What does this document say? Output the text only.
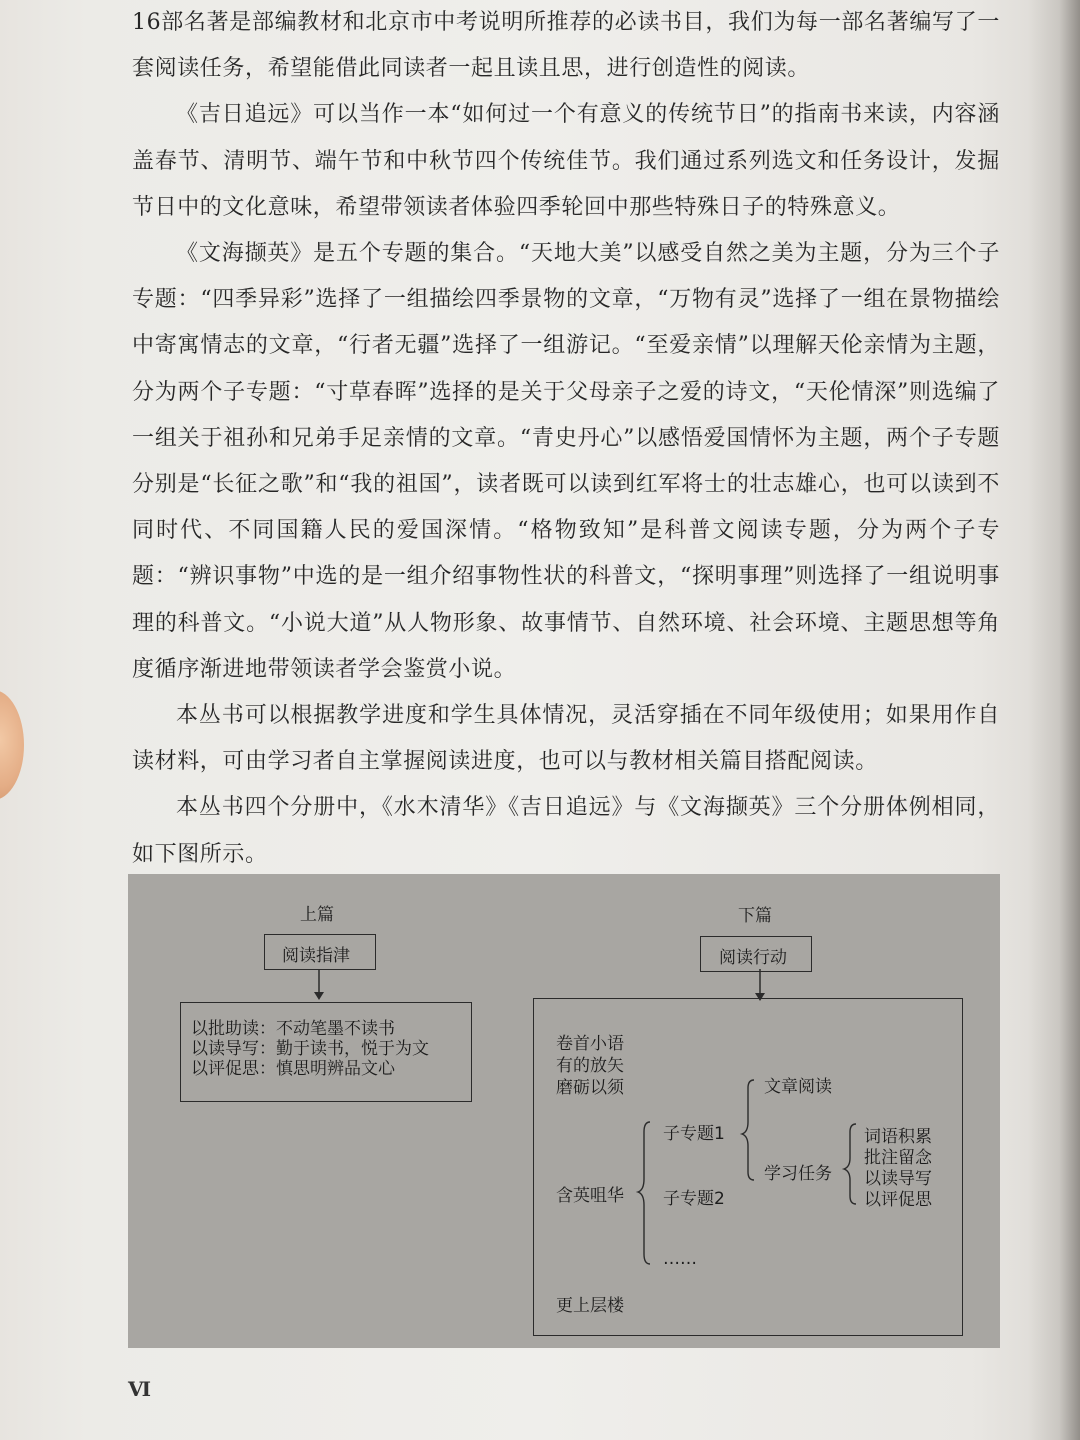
16部名著是部编教材和北京市中考说明所推荐的必读书目，我们为每一部名著编写了一套阅读任务，希望能借此同读者一起且读且思，进行创造性的阅读。

《吉日追远》可以当作一本“如何过一个有意义的传统节日”的指南书来读，内容涵盖春节、清明节、端午节和中秋节四个传统佳节。我们通过系列选文和任务设计，发掘节日中的文化意味，希望带领读者体验四季轮回中那些特殊日子的特殊意义。

《文海撷英》是五个专题的集合。“天地大美”以感受自然之美为主题，分为三个子专题：“四季异彩”选择了一组描绘四季景物的文章，“万物有灵”选择了一组在景物描绘中寄寓情志的文章，“行者无疆”选择了一组游记。“至爱亲情”以理解天伦亲情为主题，分为两个子专题：“寸草春晖”选择的是关于父母亲子之爱的诗文，“天伦情深”则选编了一组关于祖孙和兄弟手足亲情的文章。“青史丹心”以感悟爱国情怀为主题，两个子专题分别是“长征之歌”和“我的祖国”，读者既可以读到红军将士的壮志雄心，也可以读到不同时代、不同国籍人民的爱国深情。“格物致知”是科普文阅读专题，分为两个子专题：“辨识事物”中选的是一组介绍事物性状的科普文，“探明事理”则选择了一组说明事理的科普文。“小说大道”从人物形象、故事情节、自然环境、社会环境、主题思想等角度循序渐进地带领读者学会鉴赏小说。

本丛书可以根据教学进度和学生具体情况，灵活穿插在不同年级使用；如果用作自读材料，可由学习者自主掌握阅读进度，也可以与教材相关篇目搭配阅读。

本丛书四个分册中，《水木清华》《吉日追远》与《文海撷英》三个分册体例相同，如下图所示。

上篇
阅读指津
以批助读：不动笔墨不读书
以读导写：勤于读书，悦于为文
以评促思：慎思明辨品文心
下篇
阅读行动
卷首小语
有的放矢
磨砺以须
含英咀华
子专题1
子专题2
……
文章阅读
学习任务
词语积累
批注留念
以读导写
以评促思
更上层楼
Ⅵ
